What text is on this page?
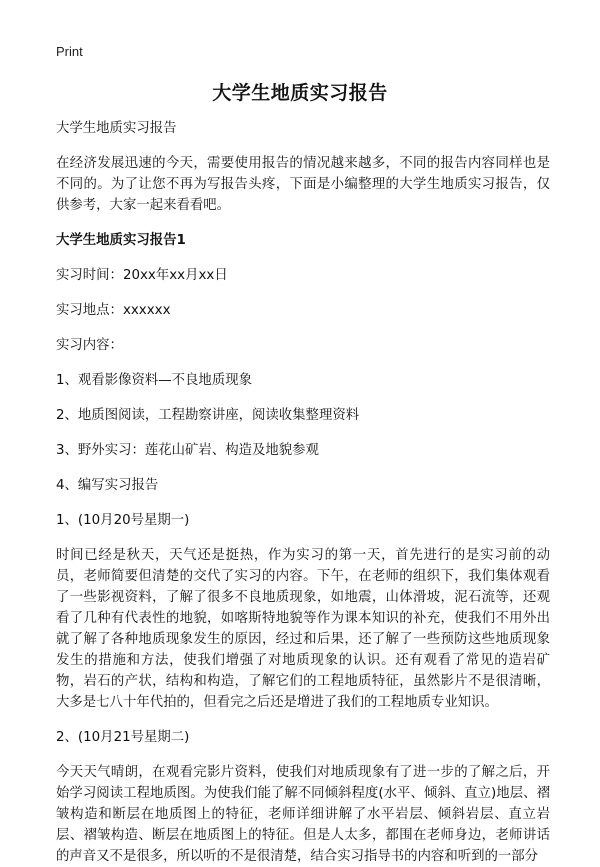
Print
大学生地质实习报告

大学生地质实习报告

在经济发展迅速的今天，需要使用报告的情况越来越多，不同的报告内容同样也是不同的。为了让您不再为写报告头疼，下面是小编整理的大学生地质实习报告，仅供参考，大家一起来看看吧。

大学生地质实习报告1

实习时间：20xx年xx月xx日

实习地点：xxxxxx

实习内容：

1、观看影像资料—不良地质现象

2、地质图阅读，工程勘察讲座，阅读收集整理资料

3、野外实习：莲花山矿岩、构造及地貌参观

4、编写实习报告

1、(10月20号星期一)

时间已经是秋天，天气还是挺热，作为实习的第一天，首先进行的是实习前的动员，老师简要但清楚的交代了实习的内容。下午，在老师的组织下，我们集体观看了一些影视资料，了解了很多不良地质现象，如地震，山体滑坡，泥石流等，还观看了几种有代表性的地貌，如喀斯特地貌等作为课本知识的补充，使我们不用外出就了解了各种地质现象发生的原因，经过和后果，还了解了一些预防这些地质现象发生的措施和方法，使我们增强了对地质现象的认识。还有观看了常见的造岩矿物，岩石的产状，结构和构造，了解它们的工程地质特征，虽然影片不是很清晰，大多是七八十年代拍的，但看完之后还是增进了我们的工程地质专业知识。

2、(10月21号星期二)

今天天气晴朗，在观看完影片资料，使我们对地质现象有了进一步的了解之后，开始学习阅读工程地质图。为使我们能了解不同倾斜程度(水平、倾斜、直立)地层、褶皱构造和断层在地质图上的特征，老师详细讲解了水平岩层、倾斜岩层、直立岩层、褶皱构造、断层在地质图上的特征。但是人太多，都围在老师身边，老师讲话的声音又不是很多，所以听的不是很清楚，结合实习指导书的内容和听到的一部分
